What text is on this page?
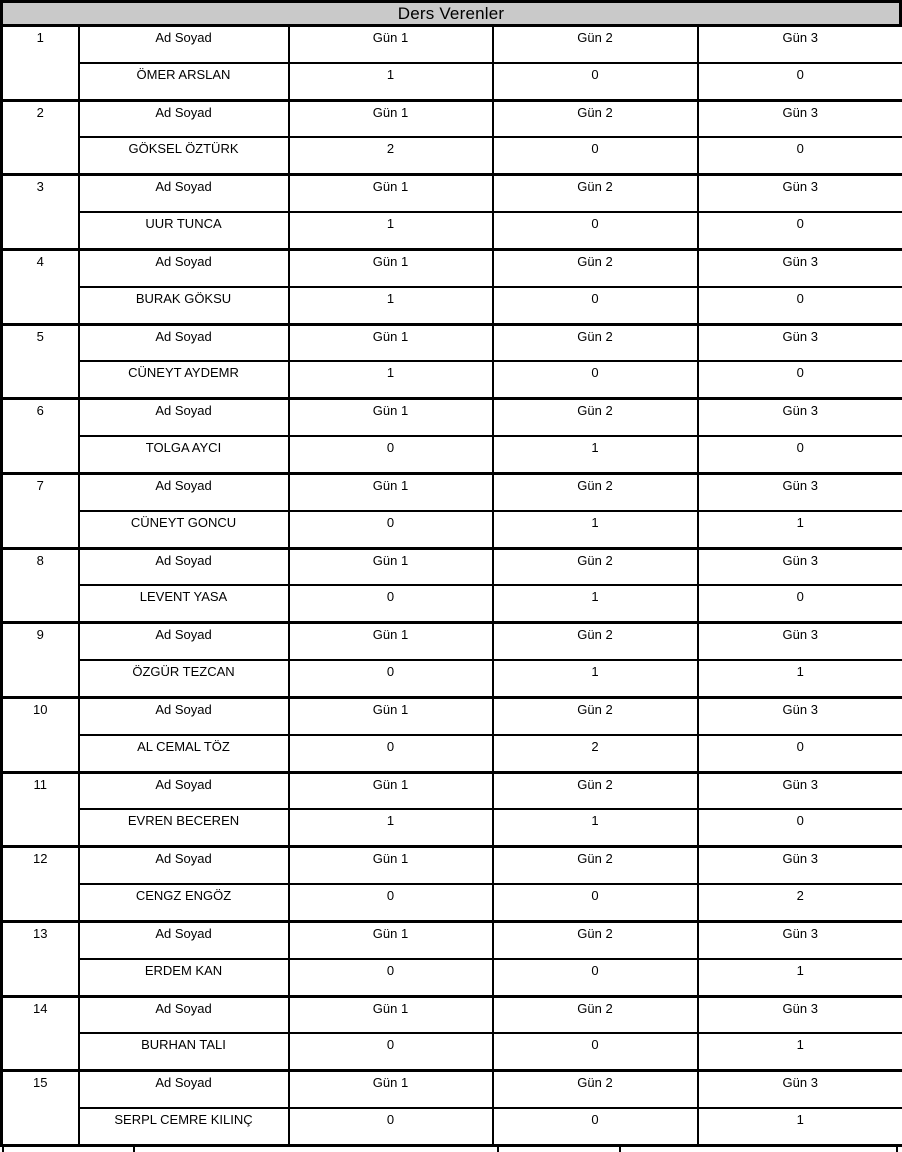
Ders Verenler
1	Ad Soyad	Gün 1	Gün 2	Gün 3
	ÖMER ARSLAN	1	0	0
2	Ad Soyad	Gün 1	Gün 2	Gün 3
	GÖKSEL ÖZTÜRK	2	0	0
3	Ad Soyad	Gün 1	Gün 2	Gün 3
	UUR TUNCA	1	0	0
4	Ad Soyad	Gün 1	Gün 2	Gün 3
	BURAK GÖKSU	1	0	0
5	Ad Soyad	Gün 1	Gün 2	Gün 3
	CÜNEYT AYDEMR	1	0	0
6	Ad Soyad	Gün 1	Gün 2	Gün 3
	TOLGA AYCI	0	1	0
7	Ad Soyad	Gün 1	Gün 2	Gün 3
	CÜNEYT GONCU	0	1	1
8	Ad Soyad	Gün 1	Gün 2	Gün 3
	LEVENT YASA	0	1	0
9	Ad Soyad	Gün 1	Gün 2	Gün 3
	ÖZGÜR TEZCAN	0	1	1
10	Ad Soyad	Gün 1	Gün 2	Gün 3
	AL CEMAL TÖZ	0	2	0
11	Ad Soyad	Gün 1	Gün 2	Gün 3
	EVREN BECEREN	1	1	0
12	Ad Soyad	Gün 1	Gün 2	Gün 3
	CENGZ ENGÖZ	0	0	2
13	Ad Soyad	Gün 1	Gün 2	Gün 3
	ERDEM KAN	0	0	1
14	Ad Soyad	Gün 1	Gün 2	Gün 3
	BURHAN TALI	0	0	1
15	Ad Soyad	Gün 1	Gün 2	Gün 3
	SERPL CEMRE KILINÇ	0	0	1
